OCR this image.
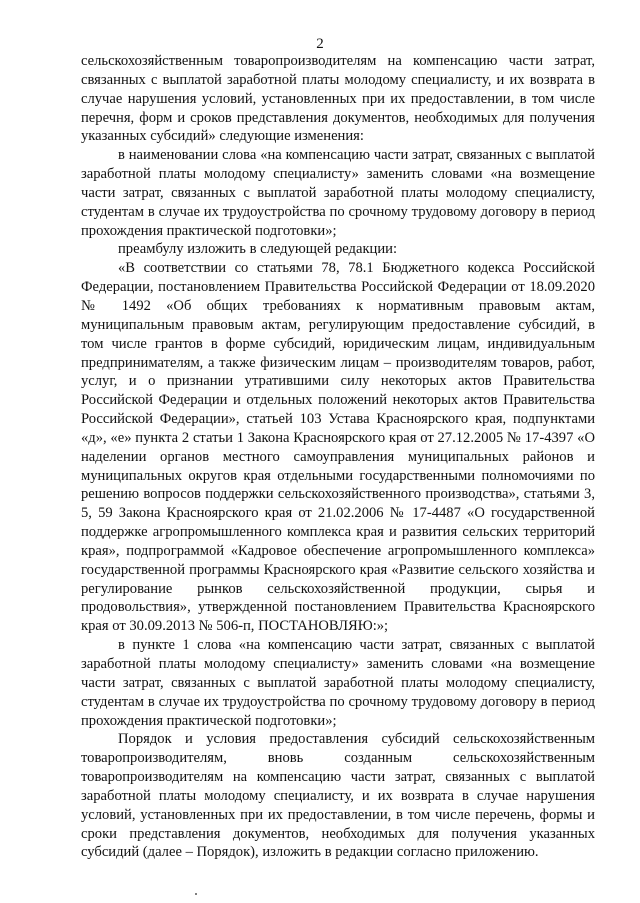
2

сельскохозяйственным товаропроизводителям на компенсацию части затрат, связанных с выплатой заработной платы молодому специалисту, и их возврата в случае нарушения условий, установленных при их предоставлении, в том числе перечня, форм и сроков представления документов, необходимых для получения указанных субсидий» следующие изменения:

в наименовании слова «на компенсацию части затрат, связанных с выплатой заработной платы молодому специалисту» заменить словами «на возмещение части затрат, связанных с выплатой заработной платы молодому специалисту, студентам в случае их трудоустройства по срочному трудовому договору в период прохождения практической подготовки»;

преамбулу изложить в следующей редакции:

«В соответствии со статьями 78, 78.1 Бюджетного кодекса Российской Федерации, постановлением Правительства Российской Федерации от 18.09.2020 № 1492 «Об общих требованиях к нормативным правовым актам, муниципальным правовым актам, регулирующим предоставление субсидий, в том числе грантов в форме субсидий, юридическим лицам, индивидуальным предпринимателям, а также физическим лицам – производителям товаров, работ, услуг, и о признании утратившими силу некоторых актов Правительства Российской Федерации и отдельных положений некоторых актов Правительства Российской Федерации», статьей 103 Устава Красноярского края, подпунктами «д», «е» пункта 2 статьи 1 Закона Красноярского края от 27.12.2005 № 17-4397 «О наделении органов местного самоуправления муниципальных районов и муниципальных округов края отдельными государственными полномочиями по решению вопросов поддержки сельскохозяйственного производства», статьями 3, 5, 59 Закона Красноярского края от 21.02.2006 № 17-4487 «О государственной поддержке агропромышленного комплекса края и развития сельских территорий края», подпрограммой «Кадровое обеспечение агропромышленного комплекса» государственной программы Красноярского края «Развитие сельского хозяйства и регулирование рынков сельскохозяйственной продукции, сырья и продовольствия», утвержденной постановлением Правительства Красноярского края от 30.09.2013 № 506-п, ПОСТАНОВЛЯЮ:»;

в пункте 1 слова «на компенсацию части затрат, связанных с выплатой заработной платы молодому специалисту» заменить словами «на возмещение части затрат, связанных с выплатой заработной платы молодому специалисту, студентам в случае их трудоустройства по срочному трудовому договору в период прохождения практической подготовки»;

Порядок и условия предоставления субсидий сельскохозяйственным товаропроизводителям, вновь созданным сельскохозяйственным товаропроизводителям на компенсацию части затрат, связанных с выплатой заработной платы молодому специалисту, и их возврата в случае нарушения условий, установленных при их предоставлении, в том числе перечень, формы и сроки представления документов, необходимых для получения указанных субсидий (далее – Порядок), изложить в редакции согласно приложению.
